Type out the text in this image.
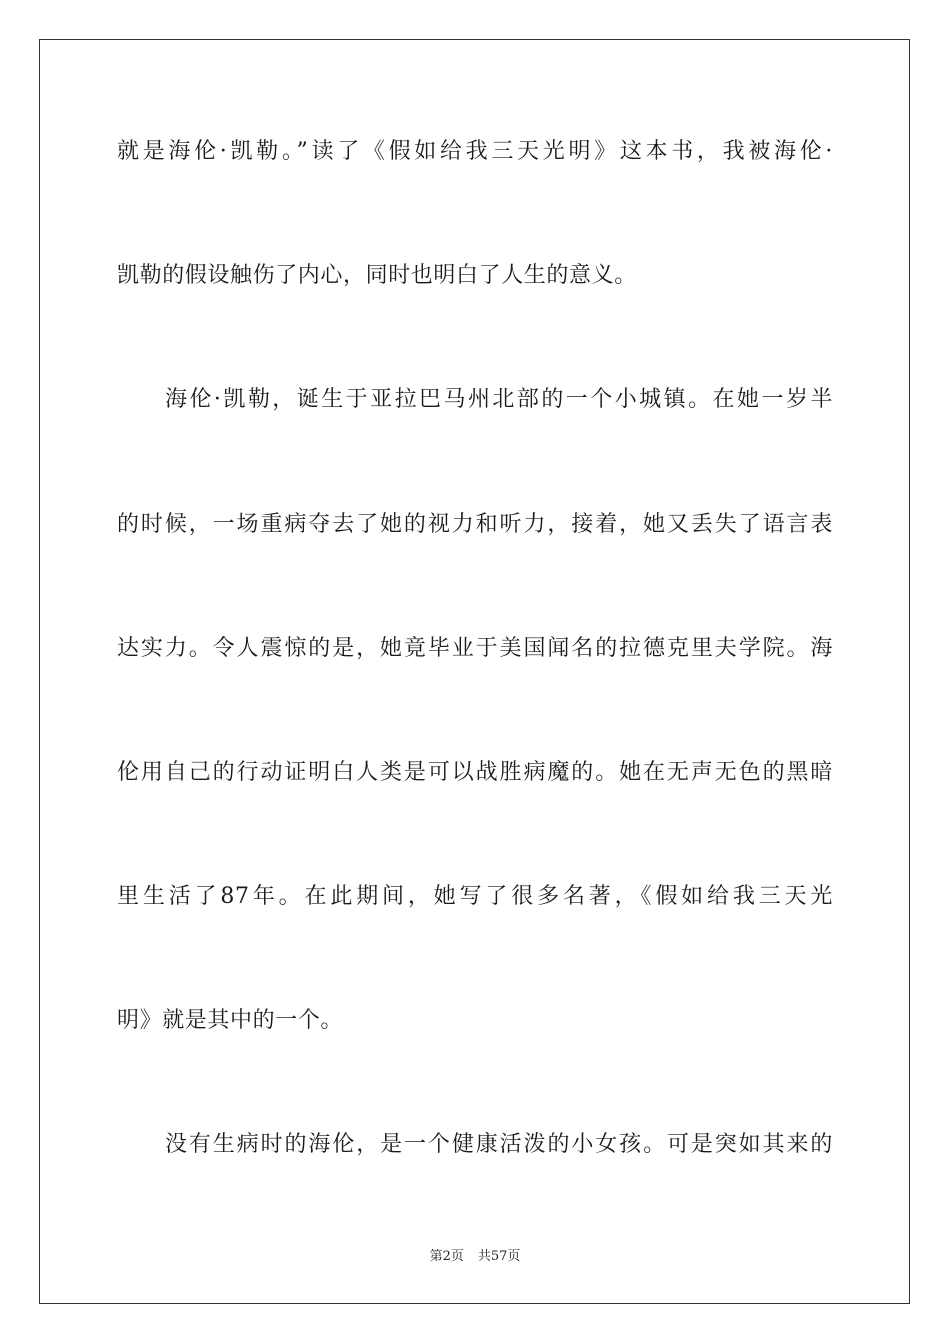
就是海伦·凯勒。”读了《假如给我三天光明》这本书，我被海伦·
凯勒的假设触伤了内心，同时也明白了人生的意义。
海伦·凯勒，诞生于亚拉巴马州北部的一个小城镇。在她一岁半
的时候，一场重病夺去了她的视力和听力，接着，她又丢失了语言表
达实力。令人震惊的是，她竟毕业于美国闻名的拉德克里夫学院。海
伦用自己的行动证明白人类是可以战胜病魔的。她在无声无色的黑暗
里生活了87年。在此期间，她写了很多名著，《假如给我三天光
明》就是其中的一个。
没有生病时的海伦，是一个健康活泼的小女孩。可是突如其来的
第2页 共57页
